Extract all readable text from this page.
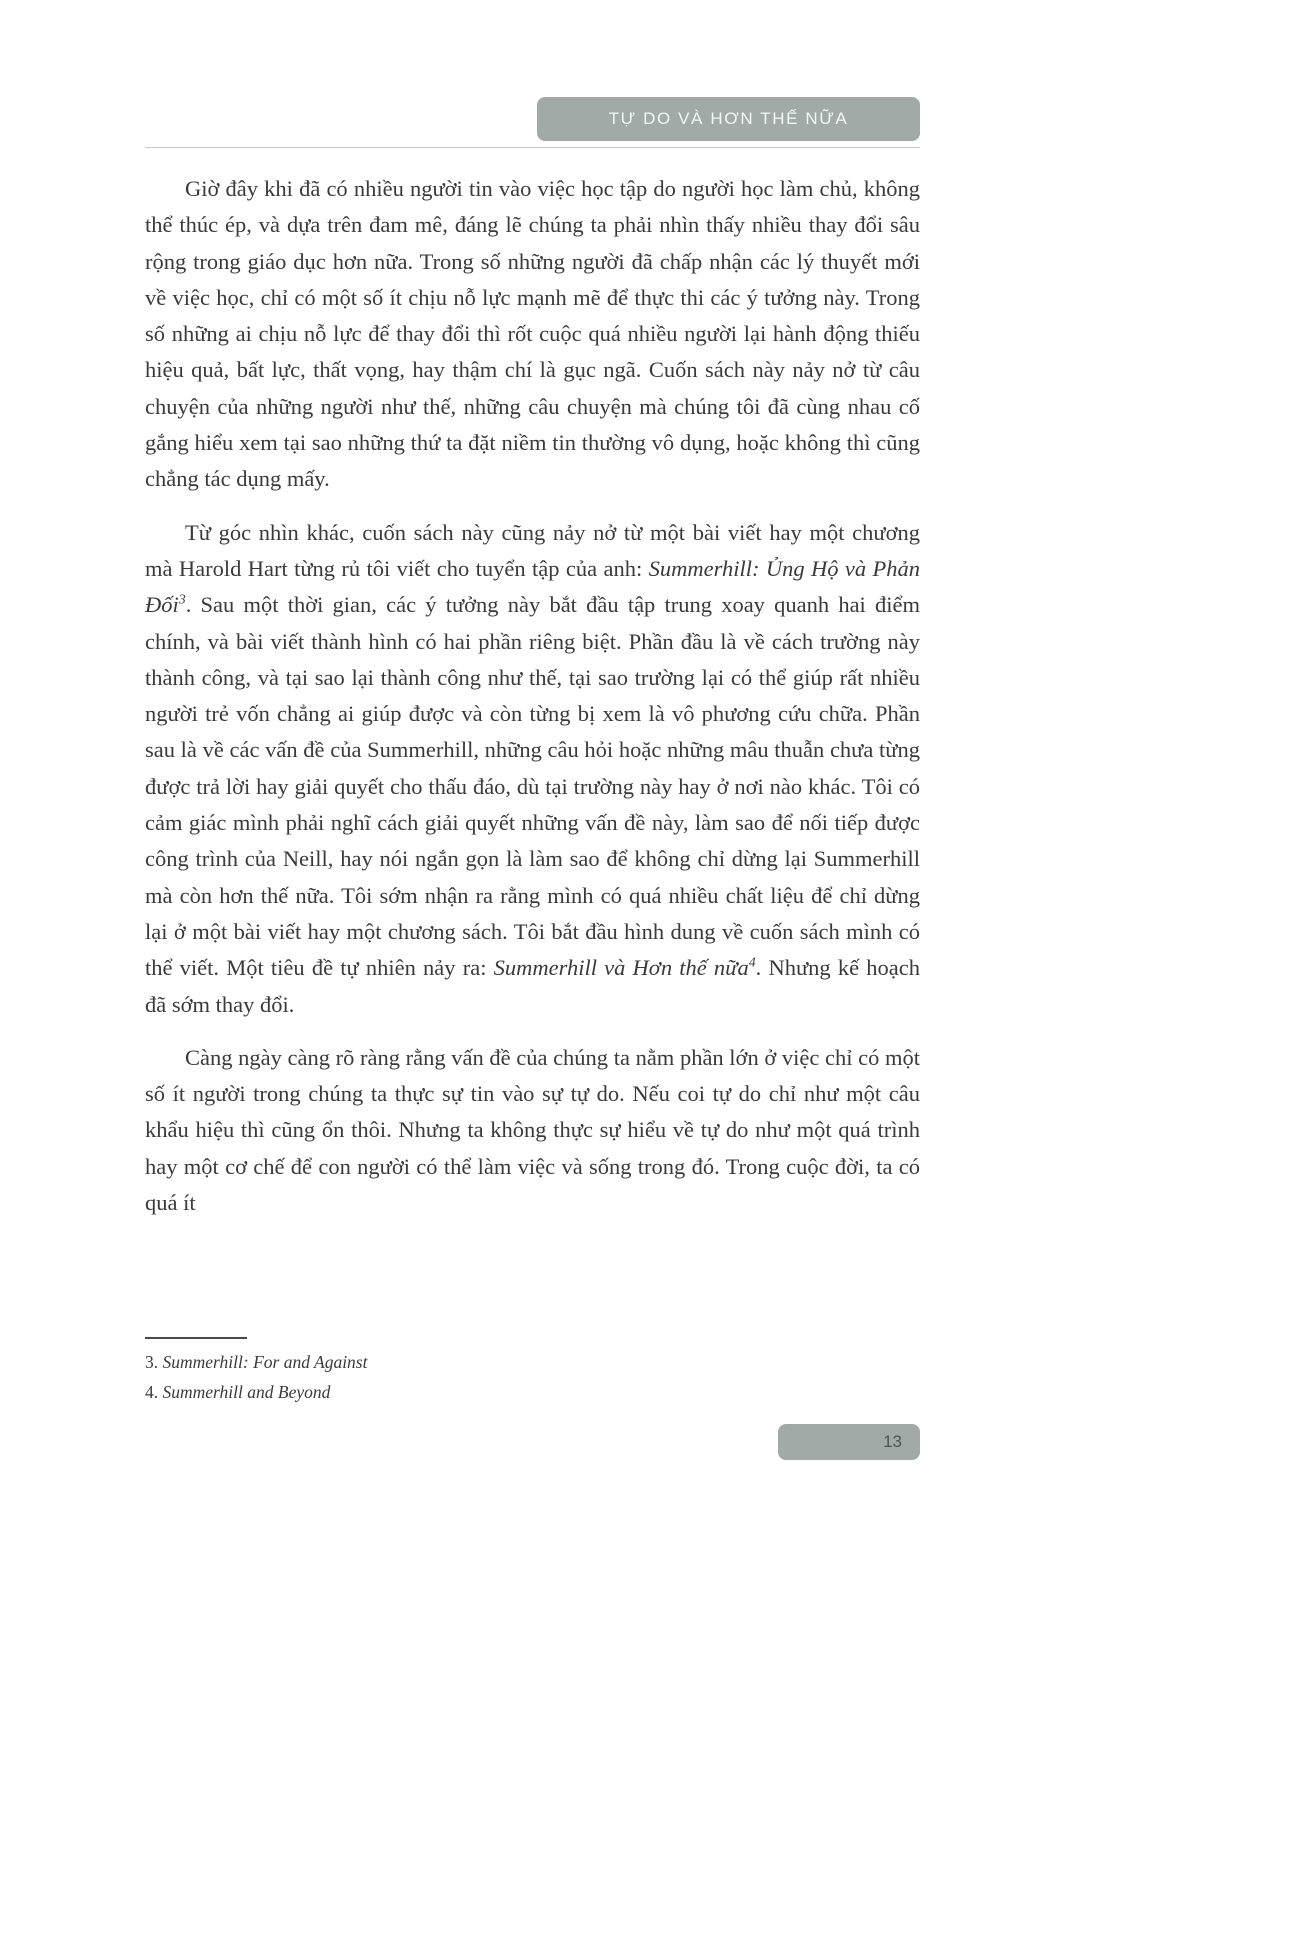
TỰ DO VÀ HƠN THẾ NỮA

Giờ đây khi đã có nhiều người tin vào việc học tập do người học làm chủ, không thể thúc ép, và dựa trên đam mê, đáng lẽ chúng ta phải nhìn thấy nhiều thay đổi sâu rộng trong giáo dục hơn nữa. Trong số những người đã chấp nhận các lý thuyết mới về việc học, chỉ có một số ít chịu nỗ lực mạnh mẽ để thực thi các ý tưởng này. Trong số những ai chịu nỗ lực để thay đổi thì rốt cuộc quá nhiều người lại hành động thiếu hiệu quả, bất lực, thất vọng, hay thậm chí là gục ngã. Cuốn sách này nảy nở từ câu chuyện của những người như thế, những câu chuyện mà chúng tôi đã cùng nhau cố gắng hiểu xem tại sao những thứ ta đặt niềm tin thường vô dụng, hoặc không thì cũng chẳng tác dụng mấy.

Từ góc nhìn khác, cuốn sách này cũng nảy nở từ một bài viết hay một chương mà Harold Hart từng rủ tôi viết cho tuyển tập của anh: Summerhill: Ủng Hộ và Phản Đối$^3$. Sau một thời gian, các ý tưởng này bắt đầu tập trung xoay quanh hai điểm chính, và bài viết thành hình có hai phần riêng biệt. Phần đầu là về cách trường này thành công, và tại sao lại thành công như thế, tại sao trường lại có thể giúp rất nhiều người trẻ vốn chẳng ai giúp được và còn từng bị xem là vô phương cứu chữa. Phần sau là về các vấn đề của Summerhill, những câu hỏi hoặc những mâu thuẫn chưa từng được trả lời hay giải quyết cho thấu đáo, dù tại trường này hay ở nơi nào khác. Tôi có cảm giác mình phải nghĩ cách giải quyết những vấn đề này, làm sao để nối tiếp được công trình của Neill, hay nói ngắn gọn là làm sao để không chỉ dừng lại Summerhill mà còn hơn thế nữa. Tôi sớm nhận ra rằng mình có quá nhiều chất liệu để chỉ dừng lại ở một bài viết hay một chương sách. Tôi bắt đầu hình dung về cuốn sách mình có thể viết. Một tiêu đề tự nhiên nảy ra: Summerhill và Hơn thế nữa$^4$. Nhưng kế hoạch đã sớm thay đổi.

Càng ngày càng rõ ràng rằng vấn đề của chúng ta nằm phần lớn ở việc chỉ có một số ít người trong chúng ta thực sự tin vào sự tự do. Nếu coi tự do chỉ như một câu khẩu hiệu thì cũng ổn thôi. Nhưng ta không thực sự hiểu về tự do như một quá trình hay một cơ chế để con người có thể làm việc và sống trong đó. Trong cuộc đời, ta có quá ít

3. Summerhill: For and Against
4. Summerhill and Beyond
13
